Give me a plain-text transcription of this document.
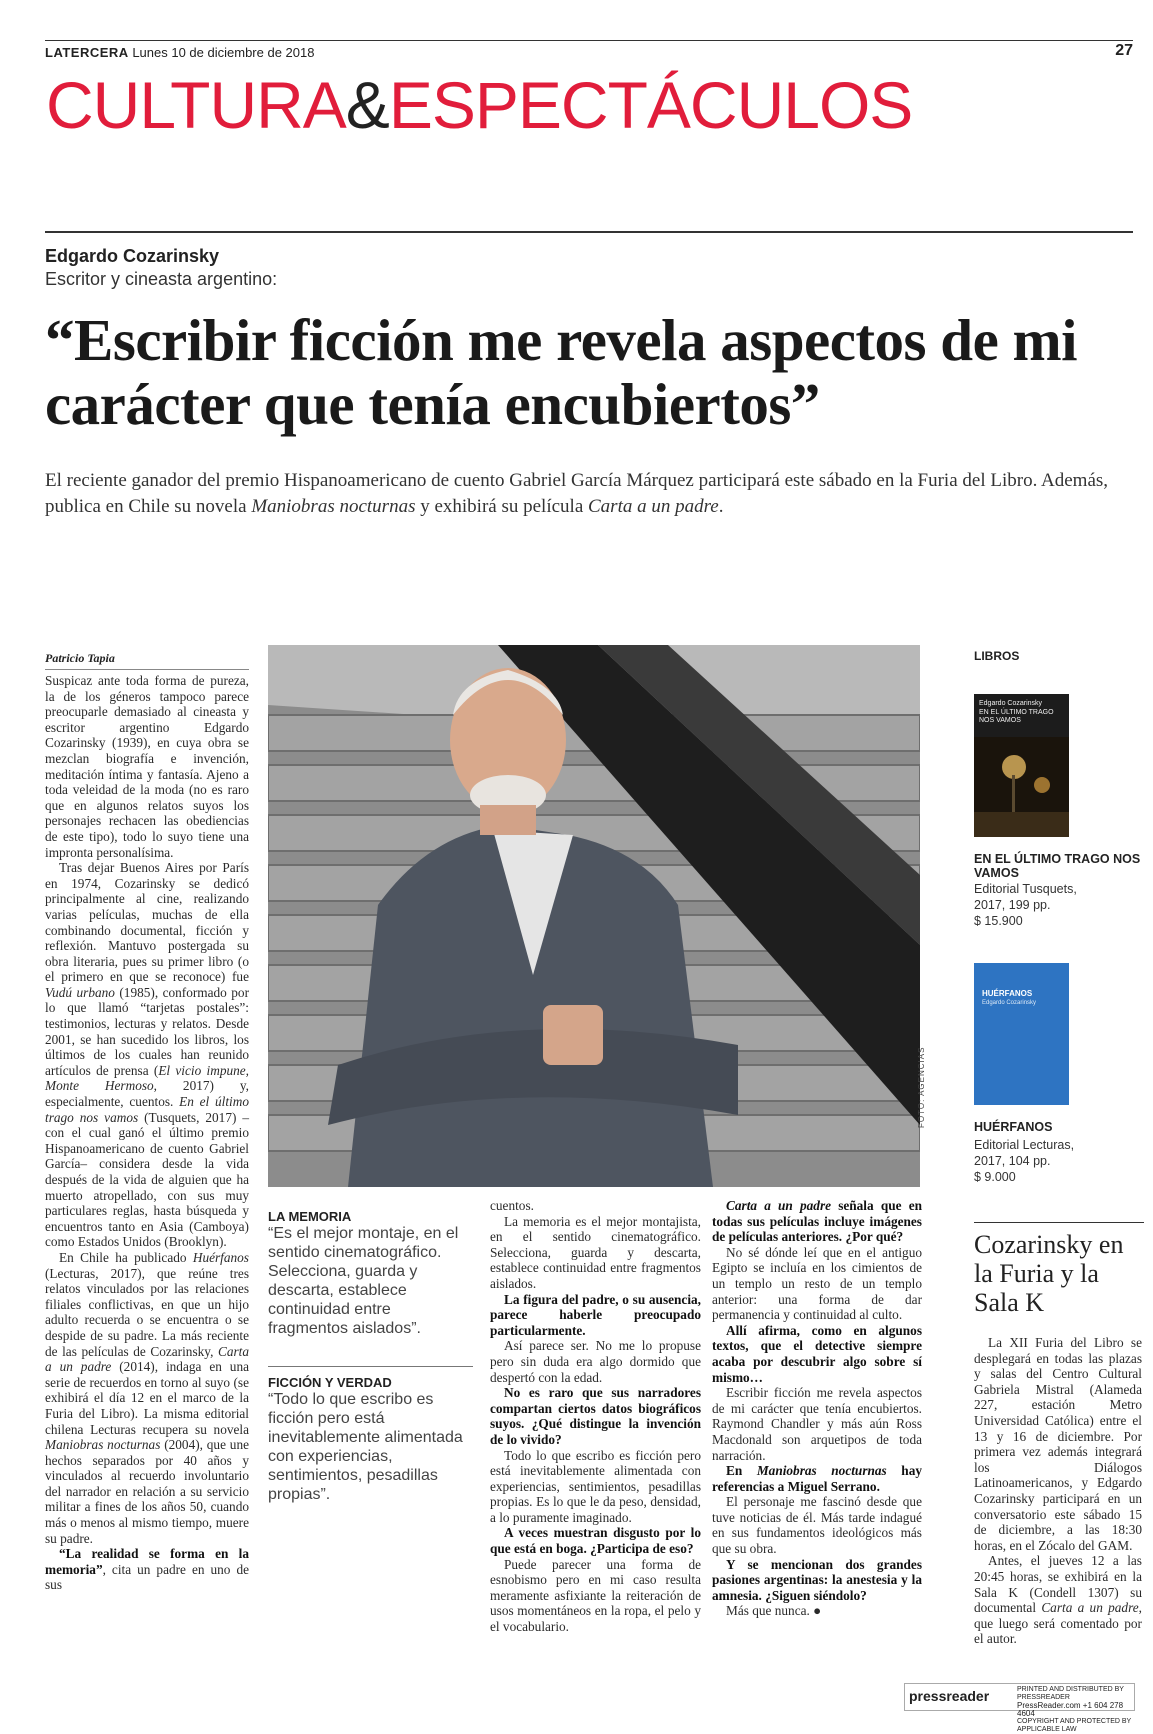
LATERCERA Lunes 10 de diciembre de 2018	27
CULTURA&ESPECTÁCULOS
Edgardo Cozarinsky
Escritor y cineasta argentino:
“Escribir ficción me revela aspectos de mi carácter que tenía encubiertos”
El reciente ganador del premio Hispanoamericano de cuento Gabriel García Márquez participará este sábado en la Furia del Libro. Además, publica en Chile su novela Maniobras nocturnas y exhibirá su película Carta a un padre.
Patricio Tapia

Suspicaz ante toda forma de pureza, la de los géneros tampoco parece preocuparle demasiado al cineasta y escritor argentino Edgardo Cozarinsky (1939), en cuya obra se mezclan biografía e invención, meditación íntima y fantasía. Ajeno a toda veleidad de la moda (no es raro que en algunos relatos suyos los personajes rechacen las obediencias de este tipo), todo lo suyo tiene una impronta personalísima.

Tras dejar Buenos Aires por París en 1974, Cozarinsky se dedicó principalmente al cine, realizando varias películas, muchas de ella combinando documental, ficción y reflexión. Mantuvo postergada su obra literaria, pues su primer libro (o el primero en que se reconoce) fue Vudú urbano (1985), conformado por lo que llamó “tarjetas postales”: testimonios, lecturas y relatos. Desde 2001, se han sucedido los libros, los últimos de los cuales han reunido artículos de prensa (El vicio impune, Monte Hermoso, 2017) y, especialmente, cuentos. En el último trago nos vamos (Tusquets, 2017) –con el cual ganó el último premio Hispanoamericano de cuento Gabriel García– considera desde la vida después de la vida de alguien que ha muerto atropellado, con sus muy particulares reglas, hasta búsqueda y encuentros tanto en Asia (Camboya) como Estados Unidos (Brooklyn).

En Chile ha publicado Huérfanos (Lecturas, 2017), que reúne tres relatos vinculados por las relaciones filiales conflictivas, en que un hijo adulto recuerda o se encuentra o se despide de su padre. La más reciente de las películas de Cozarinsky, Carta a un padre (2014), indaga en una serie de recuerdos en torno al suyo (se exhibirá el día 12 en el marco de la Furia del Libro). La misma editorial chilena Lecturas recupera su novela Maniobras nocturnas (2004), que une hechos separados por 40 años y vinculados al recuerdo involuntario del narrador en relación a su servicio militar a fines de los años 50, cuando más o menos al mismo tiempo, muere su padre.

“La realidad se forma en la memoria”, cita un padre en uno de sus

FOTO: AGENCIAS
LA MEMORIA
“Es el mejor montaje, en el sentido cinematográfico. Selecciona, guarda y descarta, establece continuidad entre fragmentos aislados”.
FICCIÓN Y VERDAD
“Todo lo que escribo es ficción pero está inevitablemente alimentada con experiencias, sentimientos, pesadillas propias”.

cuentos.

La memoria es el mejor montajista, en el sentido cinematográfico. Selecciona, guarda y descarta, establece continuidad entre fragmentos aislados.

La figura del padre, o su ausencia, parece haberle preocupado particularmente.

Así parece ser. No me lo propuse pero sin duda era algo dormido que despertó con la edad.

No es raro que sus narradores compartan ciertos datos biográficos suyos. ¿Qué distingue la invención de lo vivido?

Todo lo que escribo es ficción pero está inevitablemente alimentada con experiencias, sentimientos, pesadillas propias. Es lo que le da peso, densidad, a lo puramente imaginado.

A veces muestran disgusto por lo que está en boga. ¿Participa de eso?

Puede parecer una forma de esnobismo pero en mi caso resulta meramente asfixiante la reiteración de usos momentáneos en la ropa, el pelo y el vocabulario.

Carta a un padre señala que en todas sus películas incluye imágenes de películas anteriores. ¿Por qué?

No sé dónde leí que en el antiguo Egipto se incluía en los cimientos de un templo un resto de un templo anterior: una forma de dar permanencia y continuidad al culto.

Allí afirma, como en algunos textos, que el detective siempre acaba por descubrir algo sobre sí mismo…

Escribir ficción me revela aspectos de mi carácter que tenía encubiertos. Raymond Chandler y más aún Ross Macdonald son arquetipos de toda narración.

En Maniobras nocturnas hay referencias a Miguel Serrano.

El personaje me fascinó desde que tuve noticias de él. Más tarde indagué en sus fundamentos ideológicos más que su obra.

Y se mencionan dos grandes pasiones argentinas: la anestesia y la amnesia. ¿Siguen siéndolo?

Más que nunca. ●

LIBROS
Edgardo Cozarinsky
EN EL ÚLTIMO TRAGO NOS VAMOS
EN EL ÚLTIMO TRAGO NOS VAMOS
Editorial Tusquets,
2017, 199 pp.
$ 15.900
HUÉRFANOS
Edgardo Cozarinsky
HUÉRFANOS
Editorial Lecturas,
2017, 104 pp.
$ 9.000
Cozarinsky en la Furia y la Sala K

La XII Furia del Libro se desplegará en todas las plazas y salas del Centro Cultural Gabriela Mistral (Alameda 227, estación Metro Universidad Católica) entre el 13 y 16 de diciembre. Por primera vez además integrará los Diálogos Latinoamericanos, y Edgardo Cozarinsky participará en un conversatorio este sábado 15 de diciembre, a las 18:30 horas, en el Zócalo del GAM.

Antes, el jueves 12 a las 20:45 horas, se exhibirá en la Sala K (Condell 1307) su documental Carta a un padre, que luego será comentado por el autor.

pressreader	PRINTED AND DISTRIBUTED BY PRESSREADER
PressReader.com +1 604 278 4604
COPYRIGHT AND PROTECTED BY APPLICABLE LAW
